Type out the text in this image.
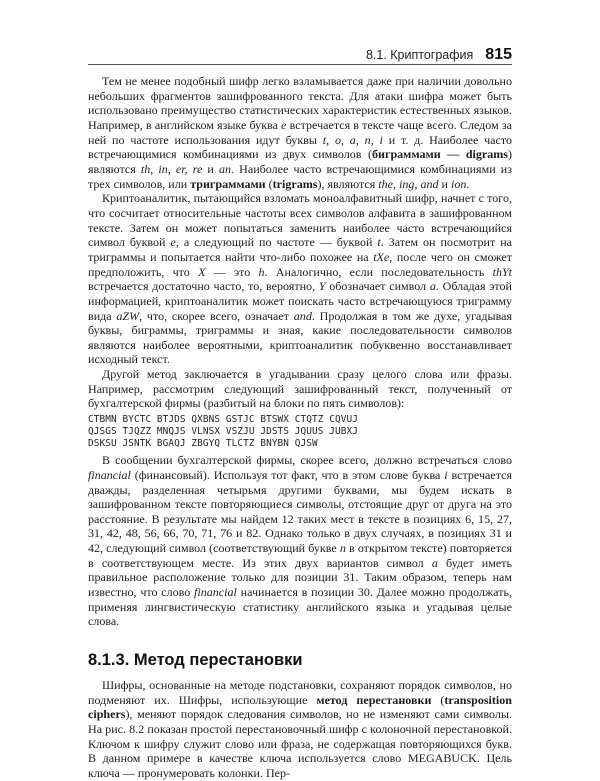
8.1. Криптография 815

Тем не менее подобный шифр легко взламывается даже при наличии довольно небольших фрагментов зашифрованного текста. Для атаки шифра может быть использовано преимущество статистических характеристик естественных языков. Например, в английском языке буква e встречается в тексте чаще всего. Следом за ней по частоте использования идут буквы t, o, a, n, i и т. д. Наиболее часто встречающимися комбинациями из двух символов (биграммами — digrams) являются th, in, er, re и an. Наиболее часто встречающимися комбинациями из трех символов, или триграммами (trigrams), являются the, ing, and и ion.

Криптоаналитик, пытающийся взломать моноалфавитный шифр, начнет с того, что сосчитает относительные частоты всех символов алфавита в зашифрованном тексте. Затем он может попытаться заменить наиболее часто встречающийся символ буквой e, а следующий по частоте — буквой t. Затем он посмотрит на триграммы и попытается найти что-либо похожее на tXe, после чего он сможет предположить, что X — это h. Аналогично, если последовательность thYt встречается достаточно часто, то, вероятно, Y обозначает символ a. Обладая этой информацией, криптоаналитик может поискать часто встречающуюся триграмму вида aZW, что, скорее всего, означает and. Продолжая в том же духе, угадывая буквы, биграммы, триграммы и зная, какие последовательности символов являются наиболее вероятными, криптоаналитик побуквенно восстанавливает исходный текст.

Другой метод заключается в угадывании сразу целого слова или фразы. Например, рассмотрим следующий зашифрованный текст, полученный от бухгалтерской фирмы (разбитый на блоки по пять символов):

CTBMN BYCTC BTJDS QXBNS GSTJC BTSWX CTQTZ CQVUJ
QJSGS TJQZZ MNQJS VLNSX VSZJU JDSTS JQUUS JUBXJ
DSKSU JSNTK BGAQJ ZBGYQ TLCTZ BNYBN QJSW

В сообщении бухгалтерской фирмы, скорее всего, должно встречаться слово financial (финансовый). Используя тот факт, что в этом слове буква i встречается дважды, разделенная четырьмя другими буквами, мы будем искать в зашифрованном тексте повторяющиеся символы, отстоящие друг от друга на это расстояние. В результате мы найдем 12 таких мест в тексте в позициях 6, 15, 27, 31, 42, 48, 56, 66, 70, 71, 76 и 82. Однако только в двух случаях, в позициях 31 и 42, следующий символ (соответствующий букве n в открытом тексте) повторяется в соответствующем месте. Из этих двух вариантов символ a будет иметь правильное расположение только для позиции 31. Таким образом, теперь нам известно, что слово financial начинается в позиции 30. Далее можно продолжать, применяя лингвистическую статистику английского языка и угадывая целые слова.

8.1.3. Метод перестановки

Шифры, основанные на методе подстановки, сохраняют порядок символов, но подменяют их. Шифры, использующие метод перестановки (transposition ciphers), меняют порядок следования символов, но не изменяют сами символы. На рис. 8.2 показан простой перестановочный шифр с колоночной перестановкой. Ключом к шифру служит слово или фраза, не содержащая повторяющихся букв. В данном примере в качестве ключа используется слово MEGABUCK. Цель ключа — пронумеровать колонки. Пер-
